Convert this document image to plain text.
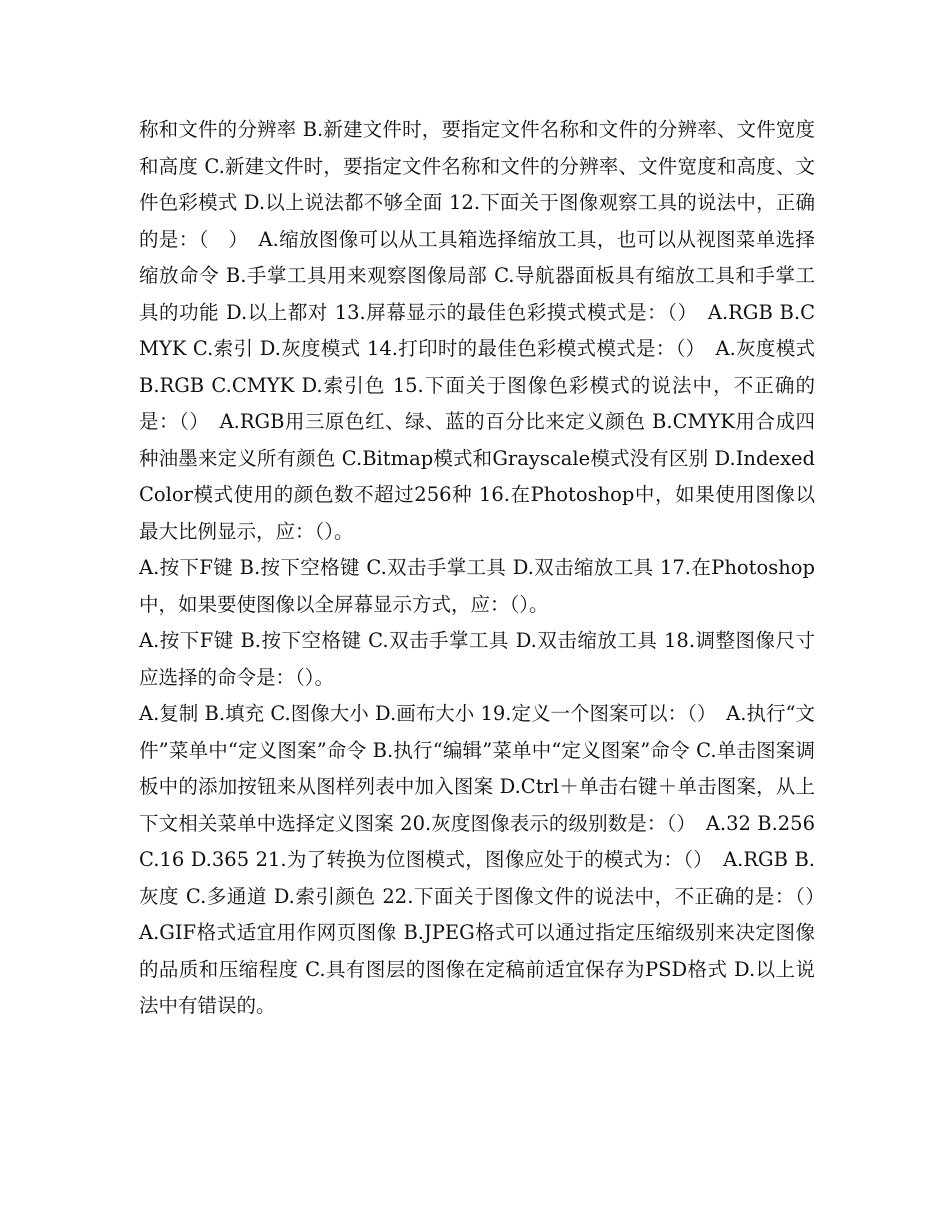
称和文件的分辨率 B.新建文件时，要指定文件名称和文件的分辨率、文件宽度和高度 C.新建文件时，要指定文件名称和文件的分辨率、文件宽度和高度、文件色彩模式 D.以上说法都不够全面 12.下面关于图像观察工具的说法中，正确的是：（　）　A.缩放图像可以从工具箱选择缩放工具，也可以从视图菜单选择缩放命令 B.手掌工具用来观察图像局部 C.导航器面板具有缩放工具和手掌工具的功能 D.以上都对 13.屏幕显示的最佳色彩摸式模式是：（）　A.RGB B.CMYK C.索引 D.灰度模式 14.打印时的最佳色彩模式模式是：（）　A.灰度模式 B.RGB C.CMYK D.索引色 15.下面关于图像色彩模式的说法中，不正确的是：（）　A.RGB用三原色红、绿、蓝的百分比来定义颜色 B.CMYK用合成四种油墨来定义所有颜色 C.Bitmap模式和Grayscale模式没有区别 D.IndexedColor模式使用的颜色数不超过256种 16.在Photoshop中，如果使用图像以最大比例显示，应：（）。

A.按下F键 B.按下空格键 C.双击手掌工具 D.双击缩放工具 17.在Photoshop中，如果要使图像以全屏幕显示方式，应：（）。

A.按下F键 B.按下空格键 C.双击手掌工具 D.双击缩放工具 18.调整图像尺寸应选择的命令是：（）。

A.复制 B.填充 C.图像大小 D.画布大小 19.定义一个图案可以：（）　A.执行“文件”菜单中“定义图案”命令 B.执行“编辑”菜单中“定义图案”命令 C.单击图案调板中的添加按钮来从图样列表中加入图案 D.Ctrl＋单击右键＋单击图案，从上下文相关菜单中选择定义图案 20.灰度图像表示的级别数是：（）　A.32 B.256 C.16 D.365 21.为了转换为位图模式，图像应处于的模式为：（）　A.RGB B.灰度 C.多通道 D.索引颜色 22.下面关于图像文件的说法中，不正确的是：（）　A.GIF格式适宜用作网页图像 B.JPEG格式可以通过指定压缩级别来决定图像的品质和压缩程度 C.具有图层的图像在定稿前适宜保存为PSD格式 D.以上说法中有错误的。
